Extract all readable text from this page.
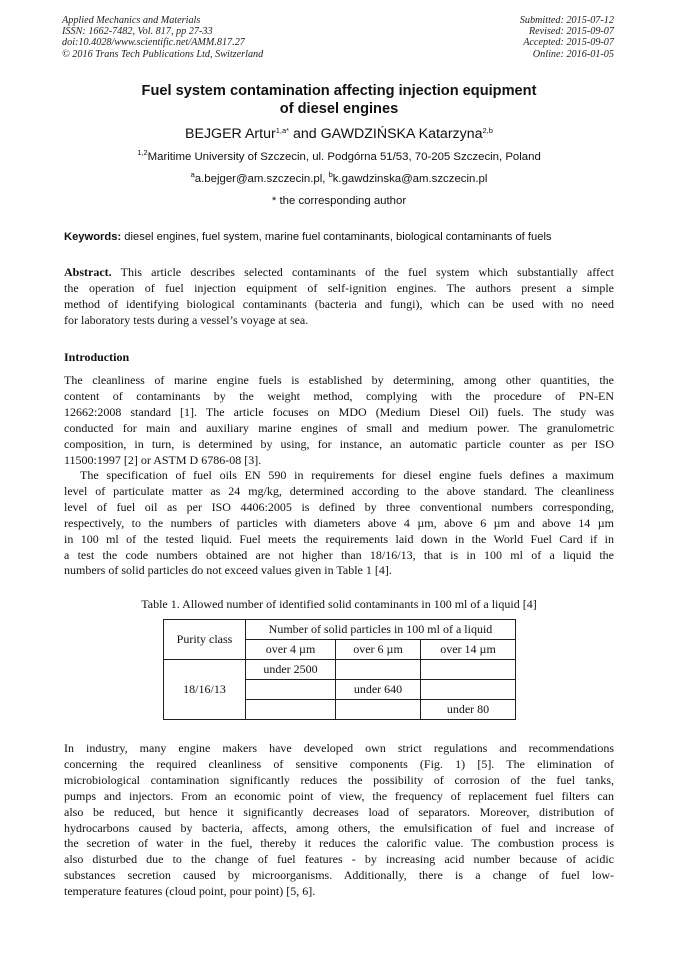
Applied Mechanics and Materials
ISSN: 1662-7482, Vol. 817, pp 27-33
doi:10.4028/www.scientific.net/AMM.817.27
© 2016 Trans Tech Publications Ltd, Switzerland
Submitted: 2015-07-12
Revised: 2015-09-07
Accepted: 2015-09-07
Online: 2016-01-05
Fuel system contamination affecting injection equipment
of diesel engines
BEJGER Artur$^{1,a*}$ and GAWDZIŃSKA Katarzyna$^{2,b}$
$^{1,2}$Maritime University of Szczecin, ul. Podgórna 51/53, 70-205 Szczecin, Poland
$^a$a.bejger@am.szczecin.pl, $^b$k.gawdzinska@am.szczecin.pl
* the corresponding author
Keywords: diesel engines, fuel system, marine fuel contaminants, biological contaminants of fuels
Abstract. This article describes selected contaminants of the fuel system which substantially affect
the operation of fuel injection equipment of self-ignition engines. The authors present a simple
method of identifying biological contaminants (bacteria and fungi), which can be used with no need
for laboratory tests during a vessel’s voyage at sea.
Introduction
The cleanliness of marine engine fuels is established by determining, among other quantities, the
content of contaminants by the weight method, complying with the procedure of PN-EN
12662:2008 standard [1]. The article focuses on MDO (Medium Diesel Oil) fuels. The study was
conducted for main and auxiliary marine engines of small and medium power. The granulometric
composition, in turn, is determined by using, for instance, an automatic particle counter as per ISO
11500:1997 [2] or ASTM D 6786-08 [3].
The specification of fuel oils EN 590 in requirements for diesel engine fuels defines a maximum
level of particulate matter as 24 mg/kg, determined according to the above standard. The cleanliness
level of fuel oil as per ISO 4406:2005 is defined by three conventional numbers corresponding,
respectively, to the numbers of particles with diameters above 4 µm, above 6 µm and above 14 µm
in 100 ml of the tested liquid. Fuel meets the requirements laid down in the World Fuel Card if in
a test the code numbers obtained are not higher than 18/16/13, that is in 100 ml of a liquid the
numbers of solid particles do not exceed values given in Table 1 [4].
Table 1. Allowed number of identified solid contaminants in 100 ml of a liquid [4]
Purity class	Number of solid particles in 100 ml of a liquid		
	over 4 µm	over 6 µm	over 14 µm
18/16/13	under 2500		
		under 640	
			under 80
In industry, many engine makers have developed own strict regulations and recommendations
concerning the required cleanliness of sensitive components (Fig. 1) [5]. The elimination of
microbiological contamination significantly reduces the possibility of corrosion of the fuel tanks,
pumps and injectors. From an economic point of view, the frequency of replacement fuel filters can
also be reduced, but hence it significantly decreases load of separators. Moreover, distribution of
hydrocarbons caused by bacteria, affects, among others, the emulsification of fuel and increase of
the secretion of water in the fuel, thereby it reduces the calorific value. The combustion process is
also disturbed due to the change of fuel features - by increasing acid number because of acidic
substances secretion caused by microorganisms. Additionally, there is a change of fuel low-
temperature features (cloud point, pour point) [5, 6].
